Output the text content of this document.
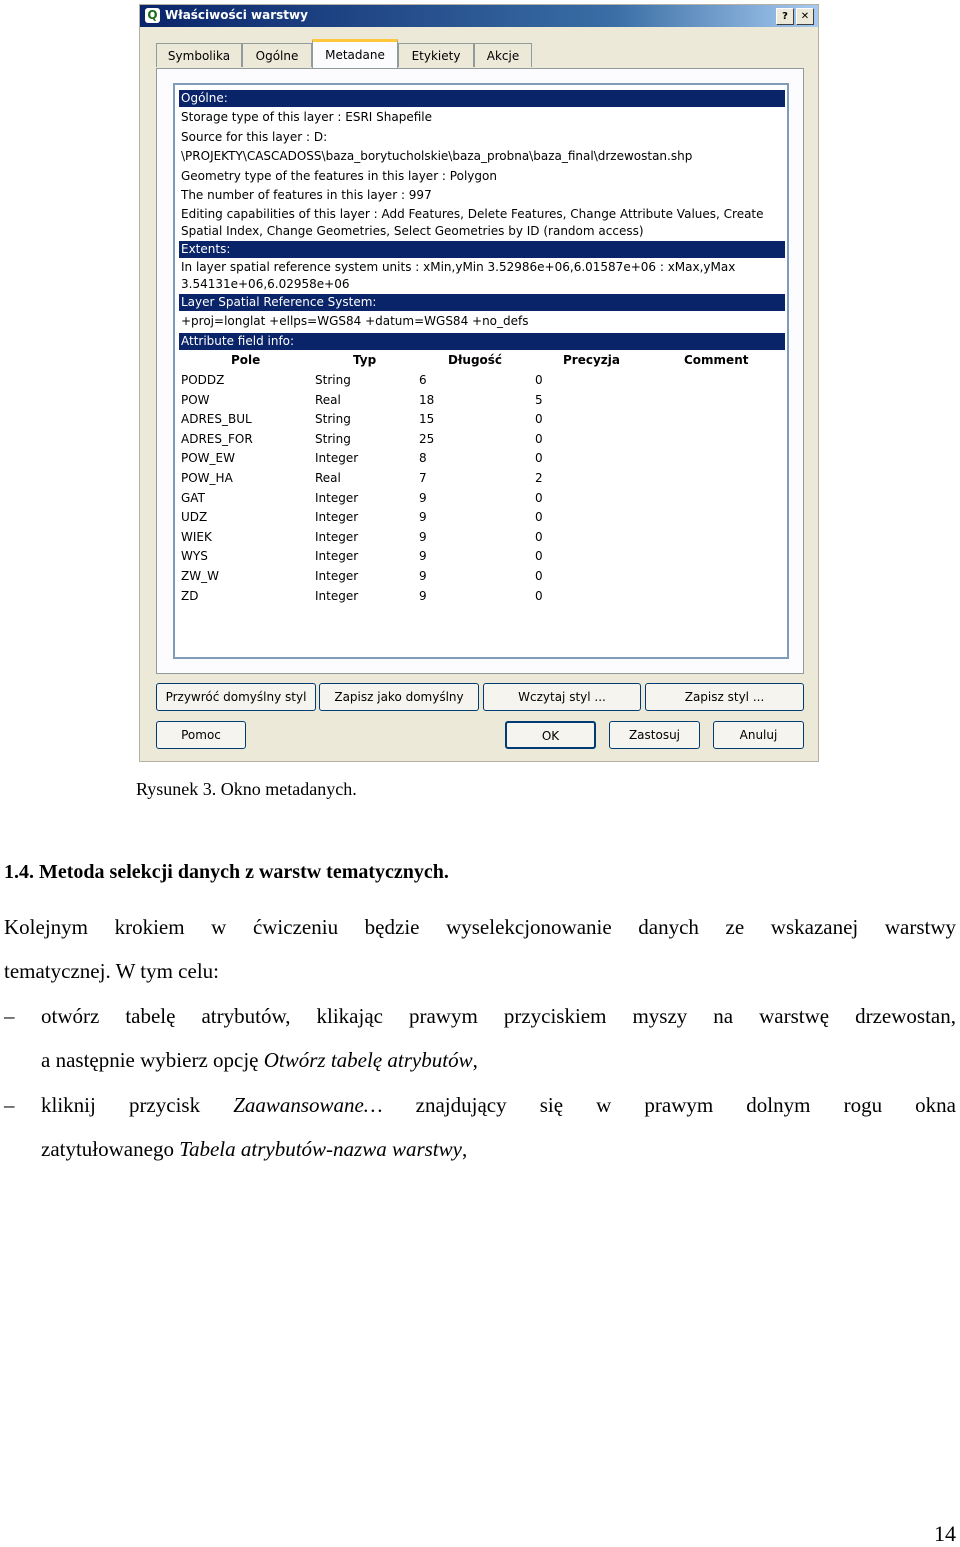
Q Właściwości warstwy	?	✕
Symbolika	Ogólne	Metadane	Etykiety	Akcje
Ogólne:
Storage type of this layer : ESRI Shapefile
Source for this layer : D:
\PROJEKTY\CASCADOSS\baza_borytucholskie\baza_probna\baza_final\drzewostan.shp
Geometry type of the features in this layer : Polygon
The number of features in this layer : 997
Editing capabilities of this layer : Add Features, Delete Features, Change Attribute Values, Create Spatial Index, Change Geometries, Select Geometries by ID (random access)
Extents:
In layer spatial reference system units : xMin,yMin 3.52986e+06,6.01587e+06 : xMax,yMax 3.54131e+06,6.02958e+06
Layer Spatial Reference System:
+proj=longlat +ellps=WGS84 +datum=WGS84 +no_defs
Attribute field info:
Pole	Typ	Długość	Precyzja	Comment
PODDZ	String	6	0
POW	Real	18	5
ADRES_BUL	String	15	0
ADRES_FOR	String	25	0
POW_EW	Integer	8	0
POW_HA	Real	7	2
GAT	Integer	9	0
UDZ	Integer	9	0
WIEK	Integer	9	0
WYS	Integer	9	0
ZW_W	Integer	9	0
ZD	Integer	9	0
Przywróć domyślny styl	Zapisz jako domyślny	Wczytaj styl ...	Zapisz styl ...
Pomoc	OK	Zastosuj	Anuluj
Rysunek 3. Okno metadanych.
1.4. Metoda selekcji danych z warstw tematycznych.
Kolejnym krokiem w ćwiczeniu będzie wyselekcjonowanie danych ze wskazanej warstwy
tematycznej. W tym celu:
– otwórz tabelę atrybutów, klikając prawym przyciskiem myszy na warstwę drzewostan,
a następnie wybierz opcję Otwórz tabelę atrybutów,
– kliknij przycisk Zaawansowane… znajdujący się w prawym dolnym rogu okna
zatytułowanego Tabela atrybutów-nazwa warstwy,
14
